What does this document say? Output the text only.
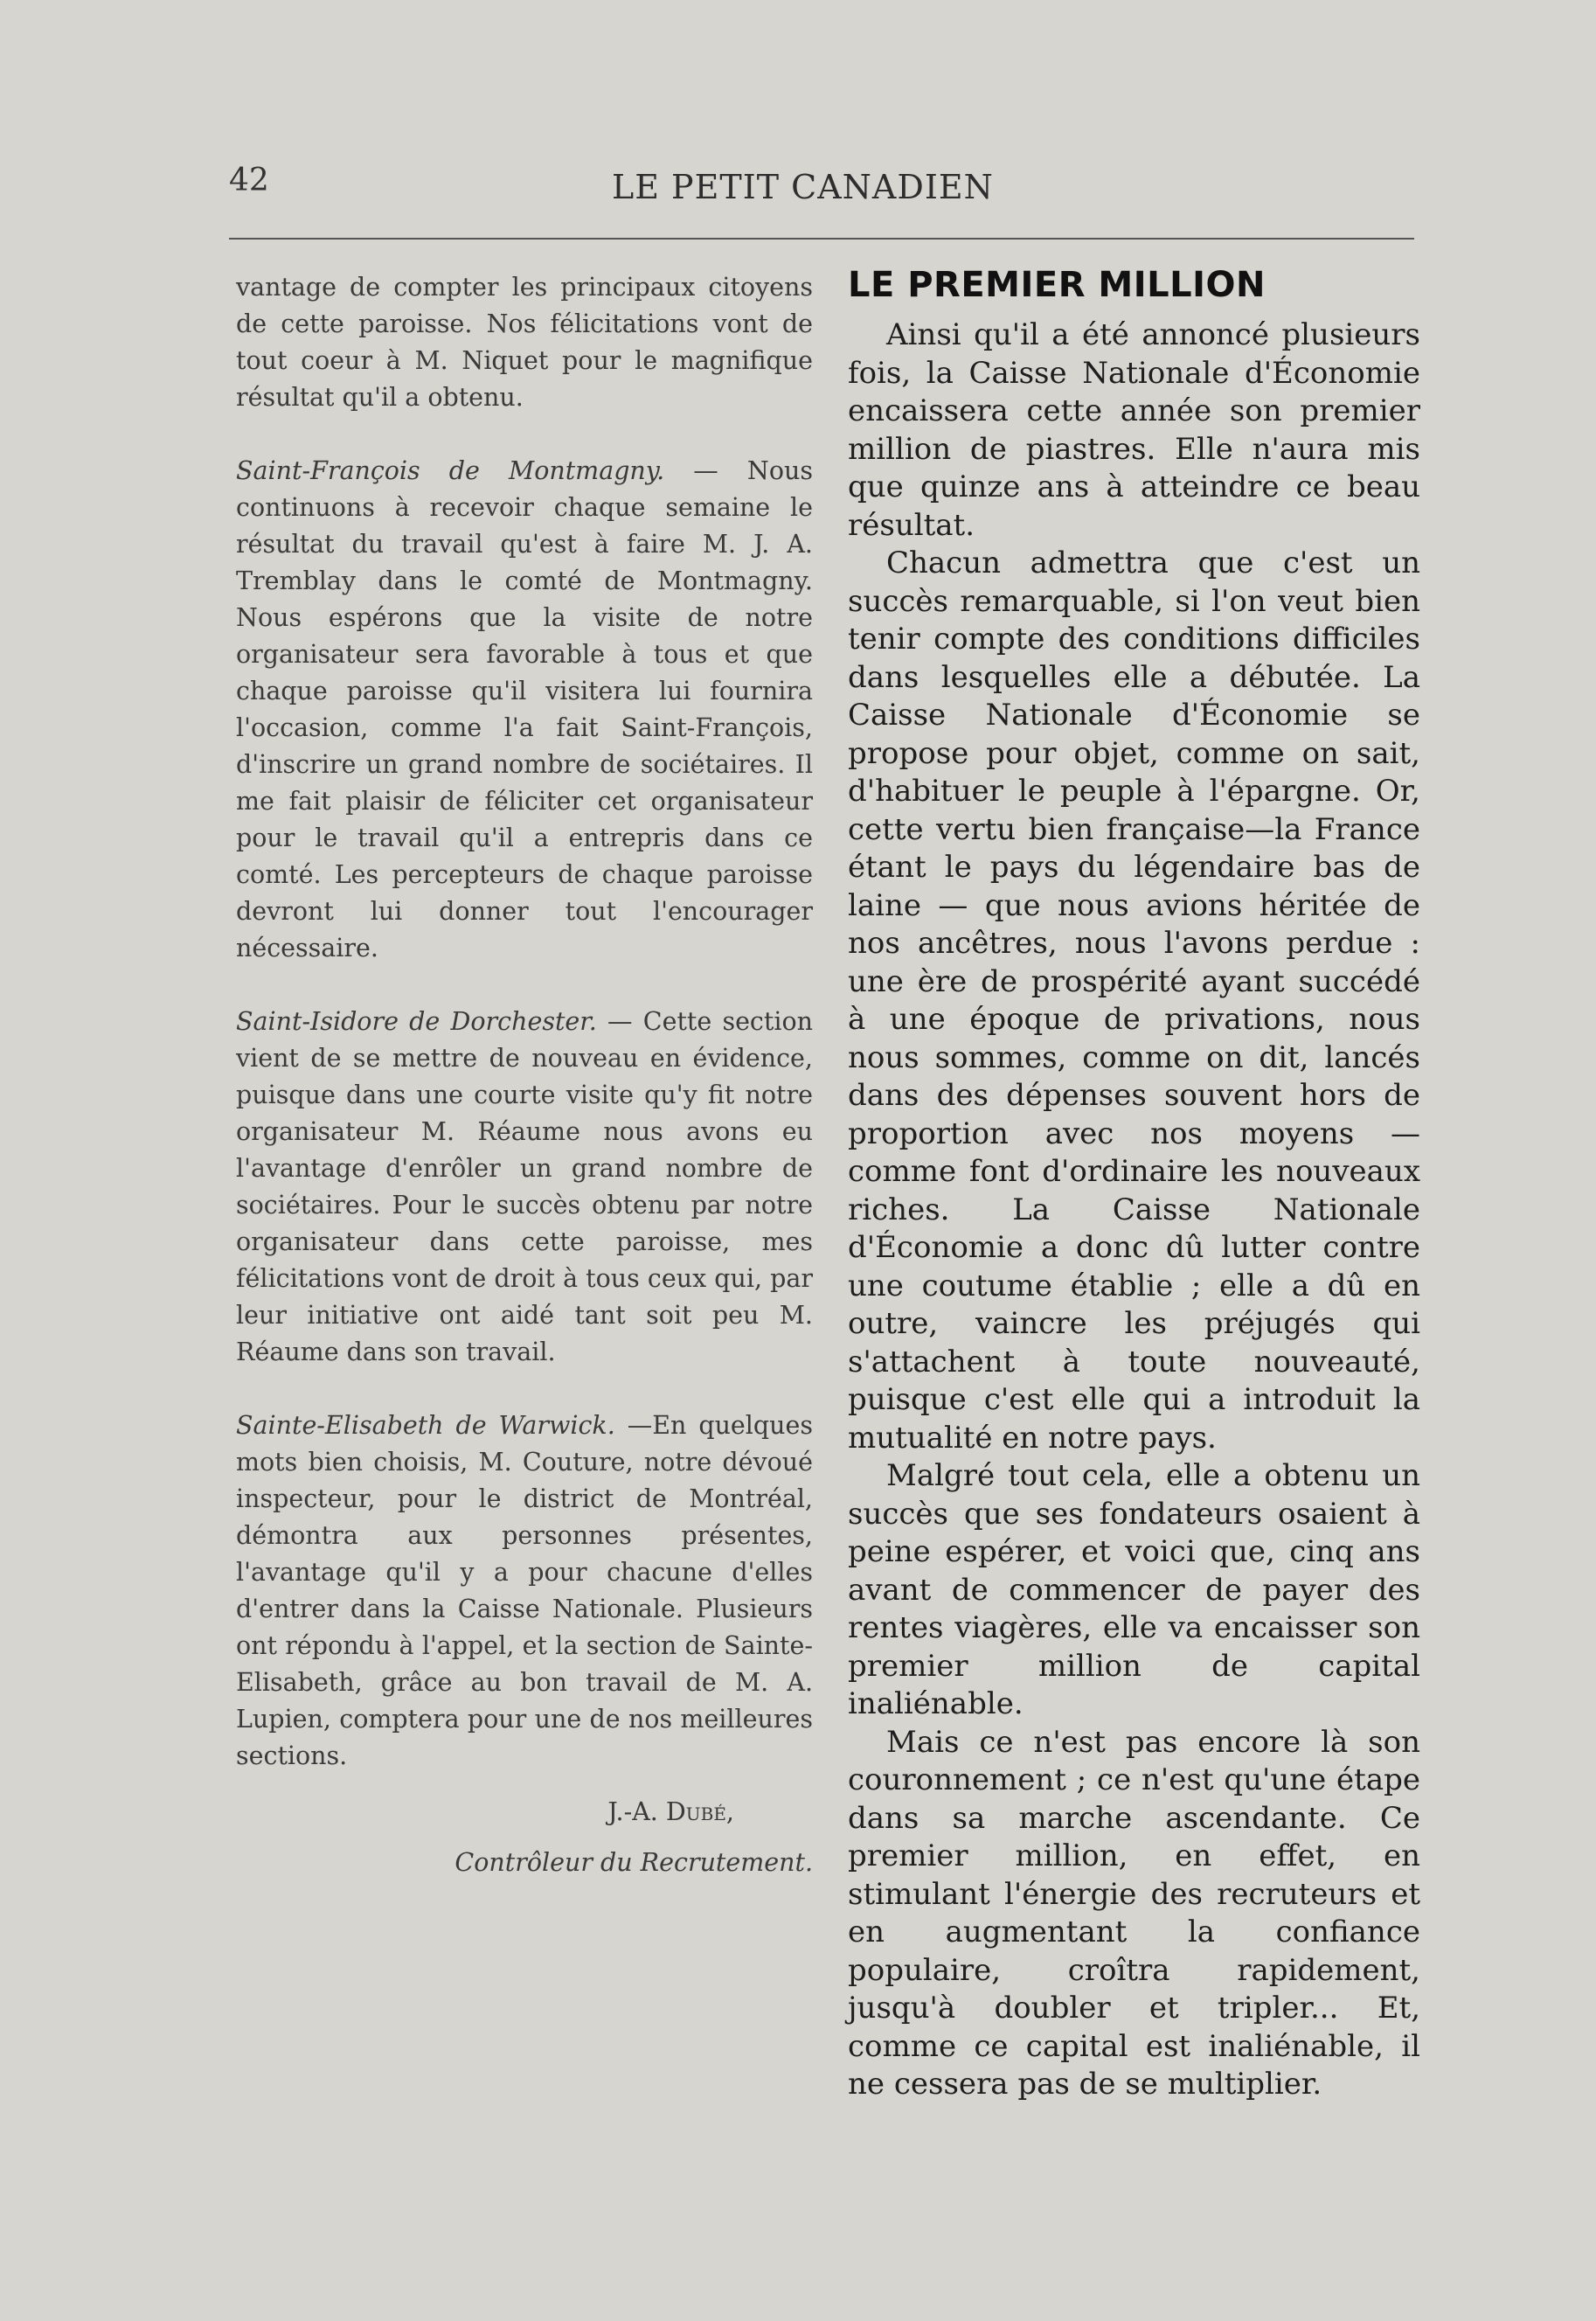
42	LE PETIT CANADIEN

vantage de compter les principaux citoyens de cette paroisse. Nos félicitations vont de tout coeur à M. Niquet pour le magnifique résultat qu'il a obtenu.

Saint-François de Montmagny. — Nous continuons à recevoir chaque semaine le résultat du travail qu'est à faire M. J. A. Tremblay dans le comté de Montmagny. Nous espérons que la visite de notre organisateur sera favorable à tous et que chaque paroisse qu'il visitera lui fournira l'occasion, comme l'a fait Saint-François, d'inscrire un grand nombre de sociétaires. Il me fait plaisir de féliciter cet organisateur pour le travail qu'il a entrepris dans ce comté. Les percepteurs de chaque paroisse devront lui donner tout l'encourager nécessaire.

Saint-Isidore de Dorchester. — Cette section vient de se mettre de nouveau en évidence, puisque dans une courte visite qu'y fit notre organisateur M. Réaume nous avons eu l'avantage d'enrôler un grand nombre de sociétaires. Pour le succès obtenu par notre organisateur dans cette paroisse, mes félicitations vont de droit à tous ceux qui, par leur initiative ont aidé tant soit peu M. Réaume dans son travail.

Sainte-Elisabeth de Warwick. —En quelques mots bien choisis, M. Couture, notre dévoué inspecteur, pour le district de Montréal, démontra aux personnes présentes, l'avantage qu'il y a pour chacune d'elles d'entrer dans la Caisse Nationale. Plusieurs ont répondu à l'appel, et la section de Sainte-Elisabeth, grâce au bon travail de M. A. Lupien, comptera pour une de nos meilleures sections.

J.-A. Dubé,
Contrôleur du Recrutement.
LE PREMIER MILLION

Ainsi qu'il a été annoncé plusieurs fois, la Caisse Nationale d'Économie encaissera cette année son premier million de piastres. Elle n'aura mis que quinze ans à atteindre ce beau résultat.

Chacun admettra que c'est un succès remarquable, si l'on veut bien tenir compte des conditions difficiles dans lesquelles elle a débutée. La Caisse Nationale d'Économie se propose pour objet, comme on sait, d'habituer le peuple à l'épargne. Or, cette vertu bien française—la France étant le pays du légendaire bas de laine — que nous avions héritée de nos ancêtres, nous l'avons perdue : une ère de prospérité ayant succédé à une époque de privations, nous nous sommes, comme on dit, lancés dans des dépenses souvent hors de proportion avec nos moyens — comme font d'ordinaire les nouveaux riches. La Caisse Nationale d'Économie a donc dû lutter contre une coutume établie ; elle a dû en outre, vaincre les préjugés qui s'attachent à toute nouveauté, puisque c'est elle qui a introduit la mutualité en notre pays.

Malgré tout cela, elle a obtenu un succès que ses fondateurs osaient à peine espérer, et voici que, cinq ans avant de commencer de payer des rentes viagères, elle va encaisser son premier million de capital inaliénable.

Mais ce n'est pas encore là son couronnement ; ce n'est qu'une étape dans sa marche ascendante. Ce premier million, en effet, en stimulant l'énergie des recruteurs et en augmentant la confiance populaire, croîtra rapidement, jusqu'à doubler et tripler... Et, comme ce capital est inaliénable, il ne cessera pas de se multiplier.
